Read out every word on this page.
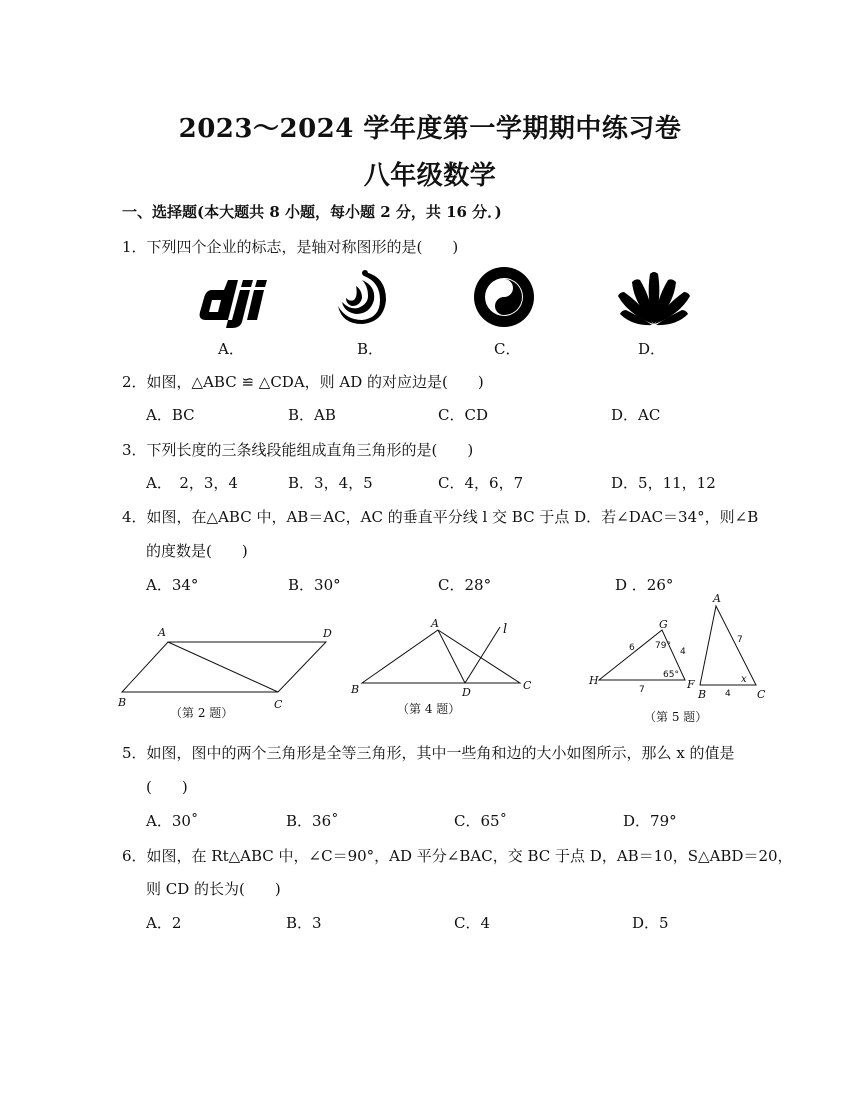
2023～2024 学年度第一学期期中练习卷
八年级数学
一、选择题(本大题共 8 小题，每小题 2 分，共 16 分．)
1．下列四个企业的标志，是轴对称图形的是(　　)
A．	B．	C．	D．
2．如图，△ABC ≌ △CDA，则 AD 的对应边是(　　)
A．BC	B．AB	C．CD	D．AC
3．下列长度的三条线段能组成直角三角形的是(　　)
A．　2，3，4	B．3，4，5	C．4，6，7	D．5，11，12
4．如图，在△ABC 中，AB＝AC，AC 的垂直平分线 l 交 BC 于点 D．若∠DAC＝34°，则∠B
的度数是(　　)
A．34°	B．30°	C．28°	D ．26°
A	D
B	C
（第 2 题）
A	l
B	D
C
（第 4 题）
G
H	F
6 79°
4
65°
7
A
B	C
x
7
4
（第 5 题）
5．如图，图中的两个三角形是全等三角形，其中一些角和边的大小如图所示，那么 x 的值是
(　　)
A．30˚	B．36˚	C．65˚	D．79°
6．如图，在 Rt△ABC 中，∠C＝90°，AD 平分∠BAC，交 BC 于点 D，AB＝10，S△ABD＝20，
则 CD 的长为(　　)
A．2	B．3	C．4	D．5
